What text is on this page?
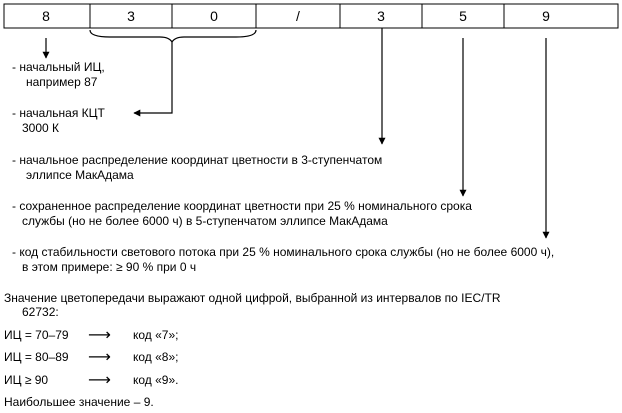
8	3	0	/	3	5	9
- начальный ИЦ,
например 87
- начальная КЦТ
3000 К
- начальное распределение координат цветности в 3-ступенчатом
эллипсе МакАдама
- сохраненное распределение координат цветности при 25 % номинального срока
службы (но не более 6000 ч) в 5-ступенчатом эллипсе МакАдама
- код стабильности светового потока при 25 % номинального срока службы (но не более 6000 ч),
в этом примере: ≥ 90 % при 0 ч
Значение цветопередачи выражают одной цифрой, выбранной из интервалов по IEC/TR
62732:
ИЦ = 70–79 ⟶ код «7»;
ИЦ = 80–89 ⟶ код «8»;
ИЦ ≥ 90 ⟶ код «9».
Наибольшее значение – 9.
